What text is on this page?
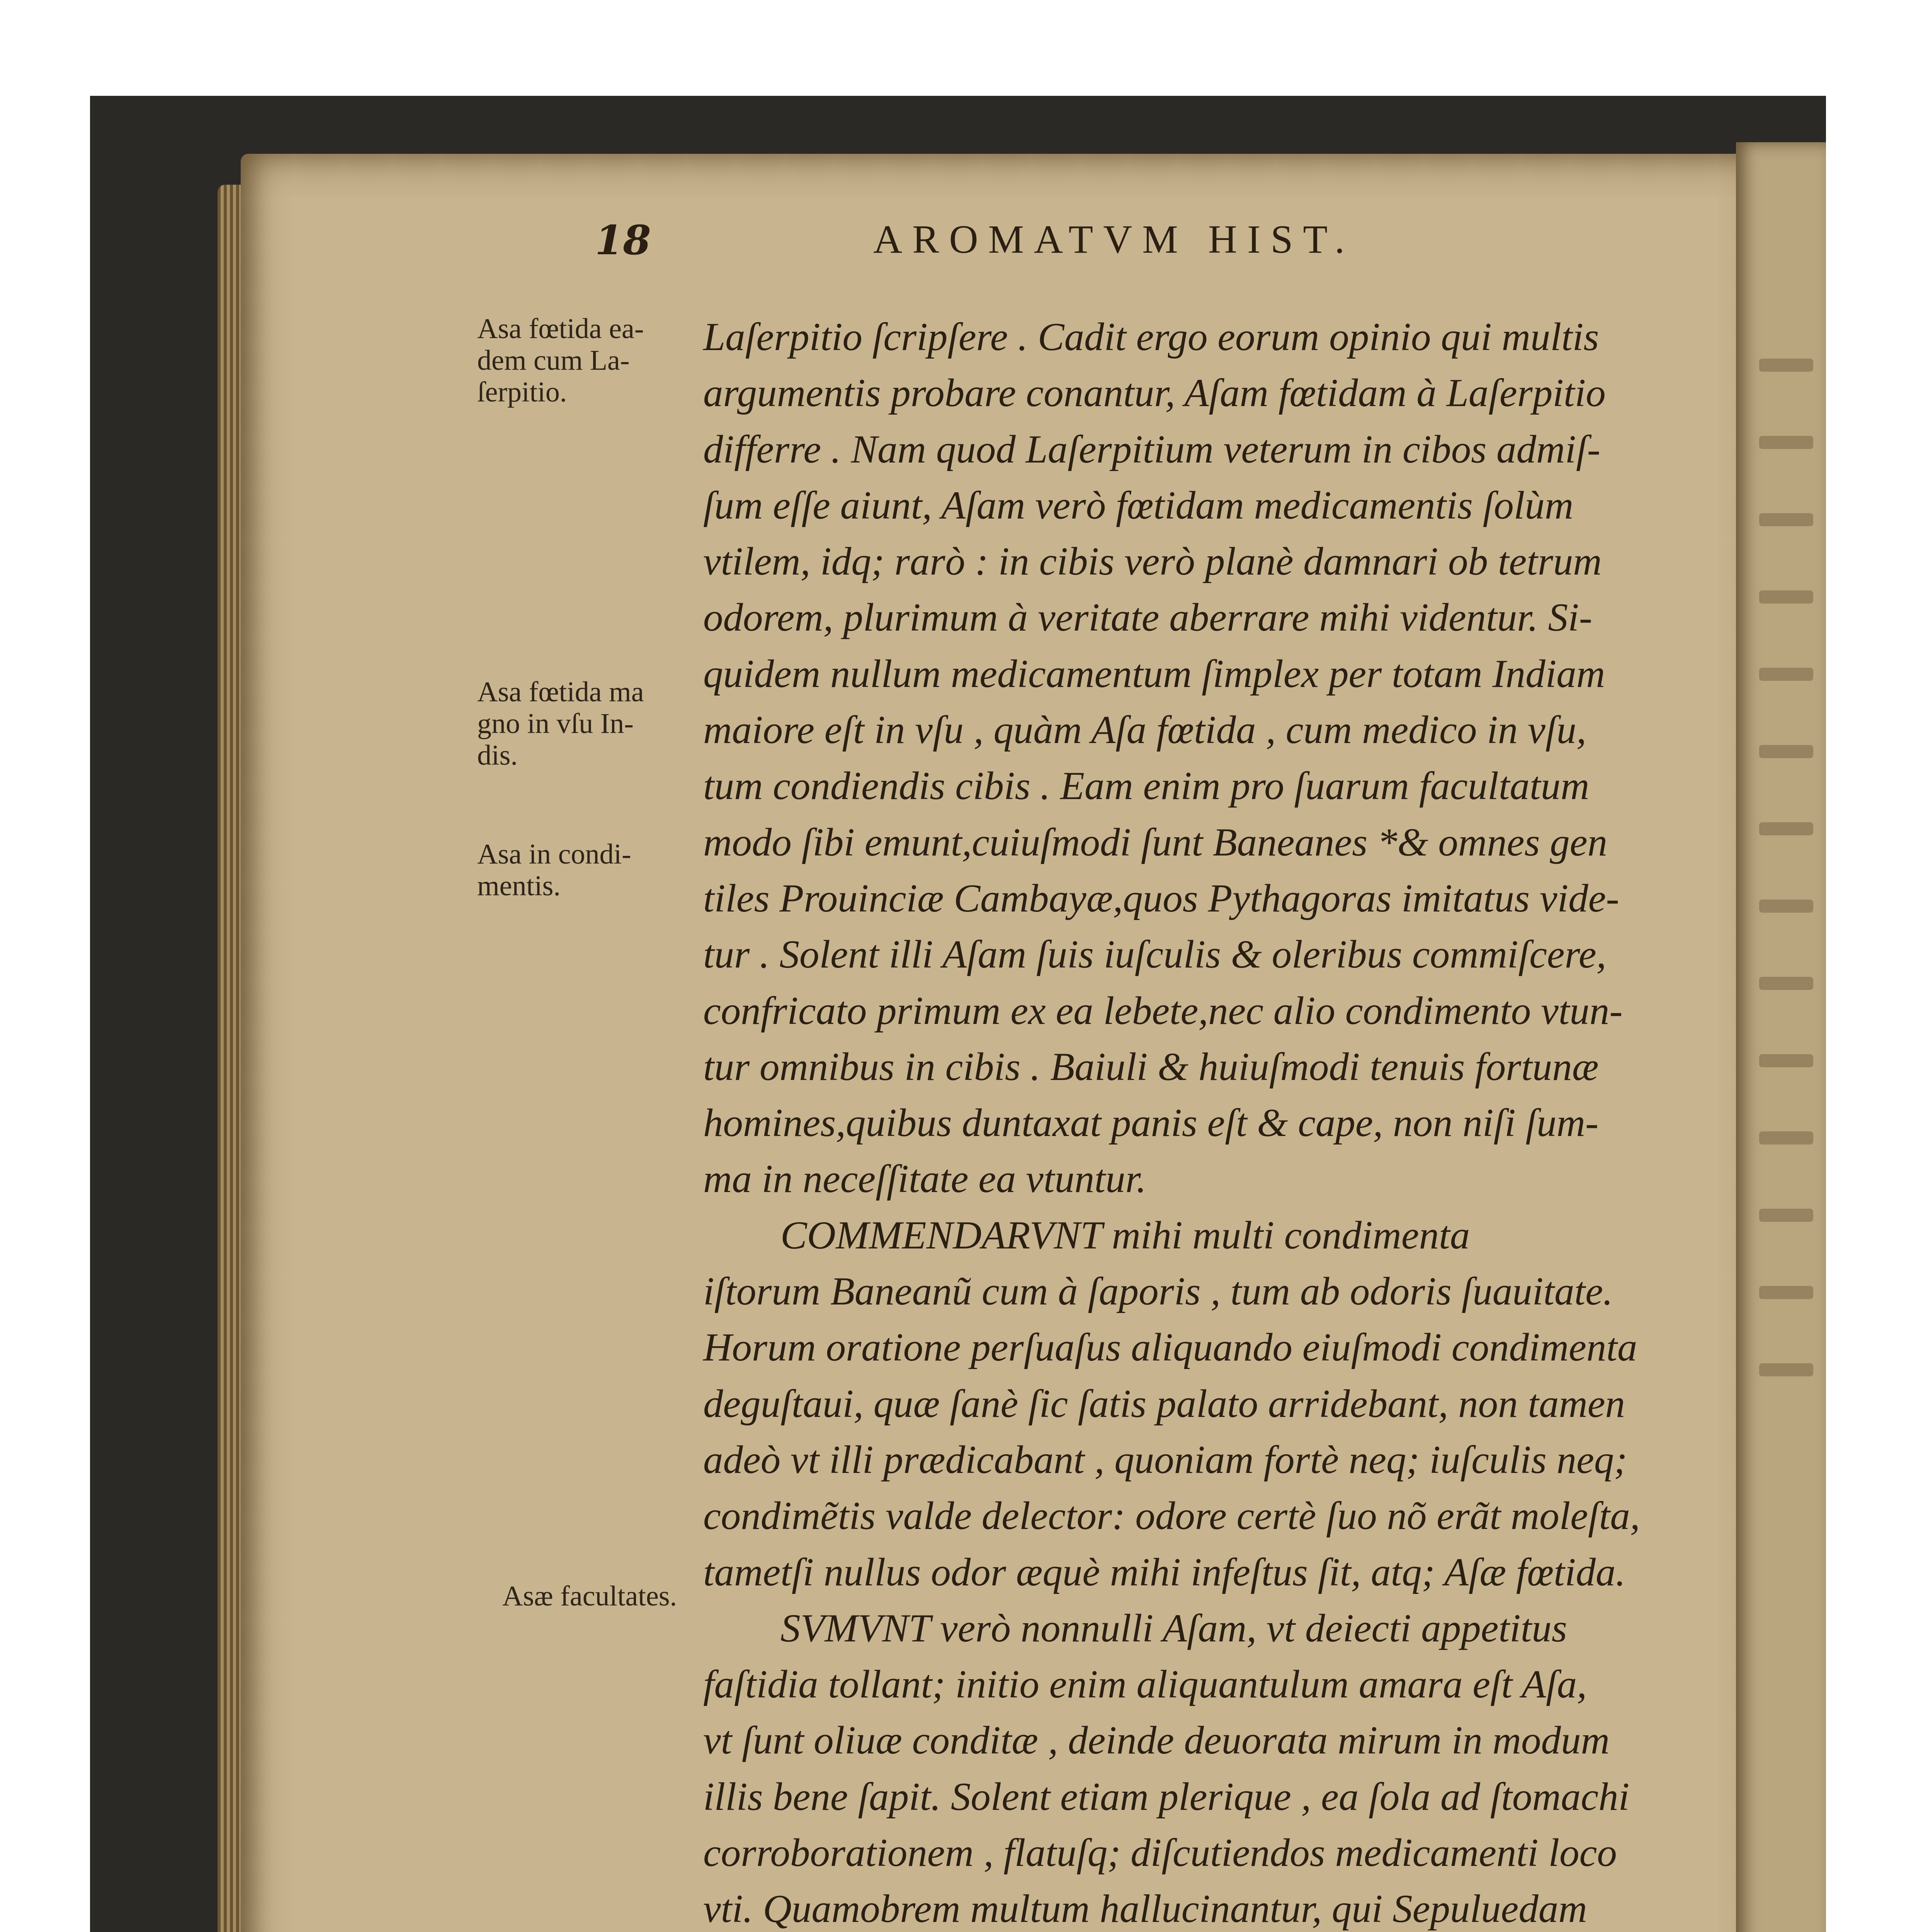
18	AROMATVM HIST.
Asa fœtida ea-
dem cum La-
ſerpitio.
Asa fœtida ma
gno in vſu In-
dis.
Asa in condi-
mentis.
Asæ facultates.
Laſerpitio ſcripſere . Cadit ergo eorum opinio qui multis
argumentis probare conantur, Aſam fœtidam à Laſerpitio
differre . Nam quod Laſerpitium veterum in cibos admiſ-
ſum eſſe aiunt, Aſam verò fœtidam medicamentis ſolùm
vtilem, idq; rarò : in cibis verò planè damnari ob tetrum
odorem, plurimum à veritate aberrare mihi videntur. Si-
quidem nullum medicamentum ſimplex per totam Indiam
maiore eſt in vſu , quàm Aſa fœtida , cum medico in vſu,
tum condiendis cibis . Eam enim pro ſuarum facultatum
modo ſibi emunt,cuiuſmodi ſunt Baneanes *& omnes gen
tiles Prouinciæ Cambayæ,quos Pythagoras imitatus vide-
tur . Solent illi Aſam ſuis iuſculis & oleribus commiſcere,
confricato primum ex ea lebete,nec alio condimento vtun-
tur omnibus in cibis . Baiuli & huiuſmodi tenuis fortunæ
homines,quibus duntaxat panis eſt & cape, non niſi ſum-
ma in neceſſitate ea vtuntur.
COMMENDARVNT mihi multi condimenta
iſtorum Baneanũ cum à ſaporis , tum ab odoris ſuauitate.
Horum oratione perſuaſus aliquando eiuſmodi condimenta
deguſtaui, quæ ſanè ſic ſatis palato arridebant, non tamen
adeò vt illi prædicabant , quoniam fortè neq; iuſculis neq;
condimẽtis valde delector: odore certè ſuo nõ erãt moleſta,
tametſi nullus odor æquè mihi infeſtus ſit, atq; Aſæ fœtida.
SVMVNT verò nonnulli Aſam, vt deiecti appetitus
faſtidia tollant; initio enim aliquantulum amara eſt Aſa,
vt ſunt oliuæ conditæ , deinde deuorata mirum in modum
illis bene ſapit. Solent etiam plerique , ea ſola ad ſtomachi
corroborationem , flatuſq; diſcutiendos medicamenti loco
vti. Quamobrem multum hallucinantur, qui Sepuluedam
